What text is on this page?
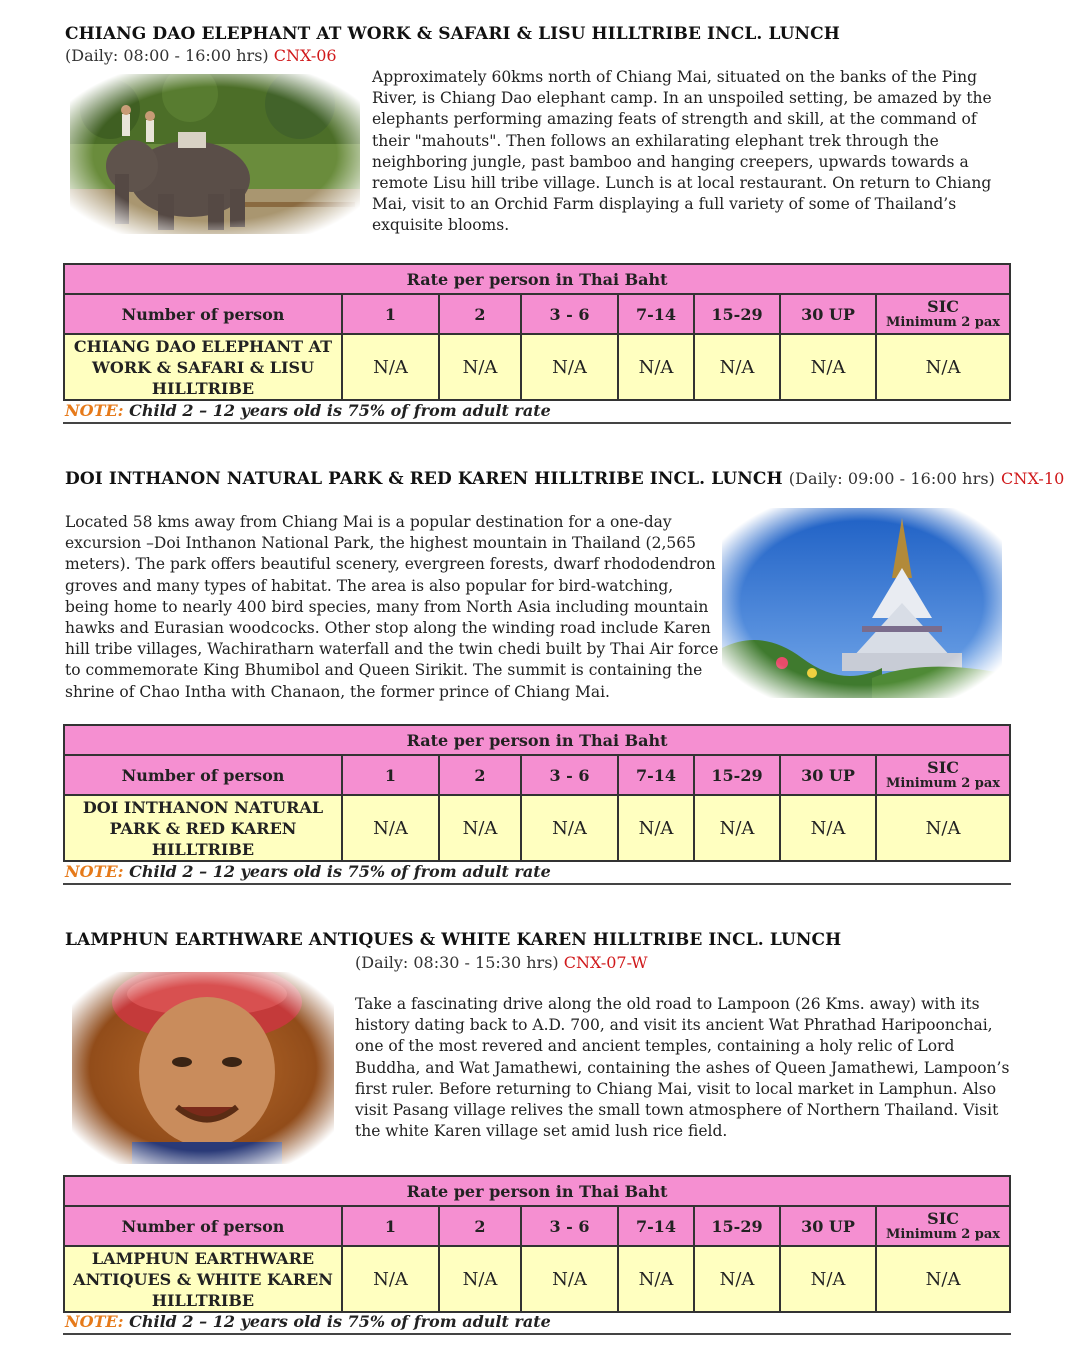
CHIANG DAO ELEPHANT AT WORK & SAFARI & LISU HILLTRIBE INCL. LUNCH
(Daily: 08:00 - 16:00 hrs) CNX-06
Approximately 60kms north of Chiang Mai, situated on the banks of the Ping River, is Chiang Dao elephant camp. In an unspoiled setting, be amazed by the elephants performing amazing feats of strength and skill, at the command of their "mahouts". Then follows an exhilarating elephant trek through the neighboring jungle, past bamboo and hanging creepers, upwards towards a remote Lisu hill tribe village. Lunch is at local restaurant. On return to Chiang Mai, visit to an Orchid Farm displaying a full variety of some of Thailand’s exquisite blooms.
Rate per person in Thai Baht							
Number of person	1	2	3 - 6	7-14	15-29	30 UP	SIC
Minimum 2 pax

CHIANG DAO ELEPHANT AT
WORK & SAFARI & LISU
HILLTRIBE	N/A	N/A	N/A	N/A	N/A	N/A	N/A
NOTE: Child 2 – 12 years old is 75% of from adult rate
DOI INTHANON NATURAL PARK & RED KAREN HILLTRIBE INCL. LUNCH (Daily: 09:00 - 16:00 hrs) CNX-10
Located 58 kms away from Chiang Mai is a popular destination for a one-day excursion –Doi Inthanon National Park, the highest mountain in Thailand (2,565 meters). The park offers beautiful scenery, evergreen forests, dwarf rhododendron groves and many types of habitat. The area is also popular for bird-watching, being home to nearly 400 bird species, many from North Asia including mountain hawks and Eurasian woodcocks. Other stop along the winding road include Karen hill tribe villages, Wachiratharn waterfall and the twin chedi built by Thai Air force to commemorate King Bhumibol and Queen Sirikit. The summit is containing the shrine of Chao Intha with Chanaon, the former prince of Chiang Mai.
Rate per person in Thai Baht							
Number of person	1	2	3 - 6	7-14	15-29	30 UP	SIC
Minimum 2 pax

DOI INTHANON NATURAL
PARK & RED KAREN
HILLTRIBE	N/A	N/A	N/A	N/A	N/A	N/A	N/A
NOTE: Child 2 – 12 years old is 75% of from adult rate
LAMPHUN EARTHWARE ANTIQUES & WHITE KAREN HILLTRIBE INCL. LUNCH
(Daily: 08:30 - 15:30 hrs) CNX-07-W
Take a fascinating drive along the old road to Lampoon (26 Kms. away) with its history dating back to A.D. 700, and visit its ancient Wat Phrathad Haripoonchai, one of the most revered and ancient temples, containing a holy relic of Lord Buddha, and Wat Jamathewi, containing the ashes of Queen Jamathewi, Lampoon’s first ruler. Before returning to Chiang Mai, visit to local market in Lamphun. Also visit Pasang village relives the small town atmosphere of Northern Thailand. Visit the white Karen village set amid lush rice field.
Rate per person in Thai Baht							
Number of person	1	2	3 - 6	7-14	15-29	30 UP	SIC
Minimum 2 pax

LAMPHUN EARTHWARE
ANTIQUES & WHITE KAREN
HILLTRIBE	N/A	N/A	N/A	N/A	N/A	N/A	N/A
NOTE: Child 2 – 12 years old is 75% of from adult rate
